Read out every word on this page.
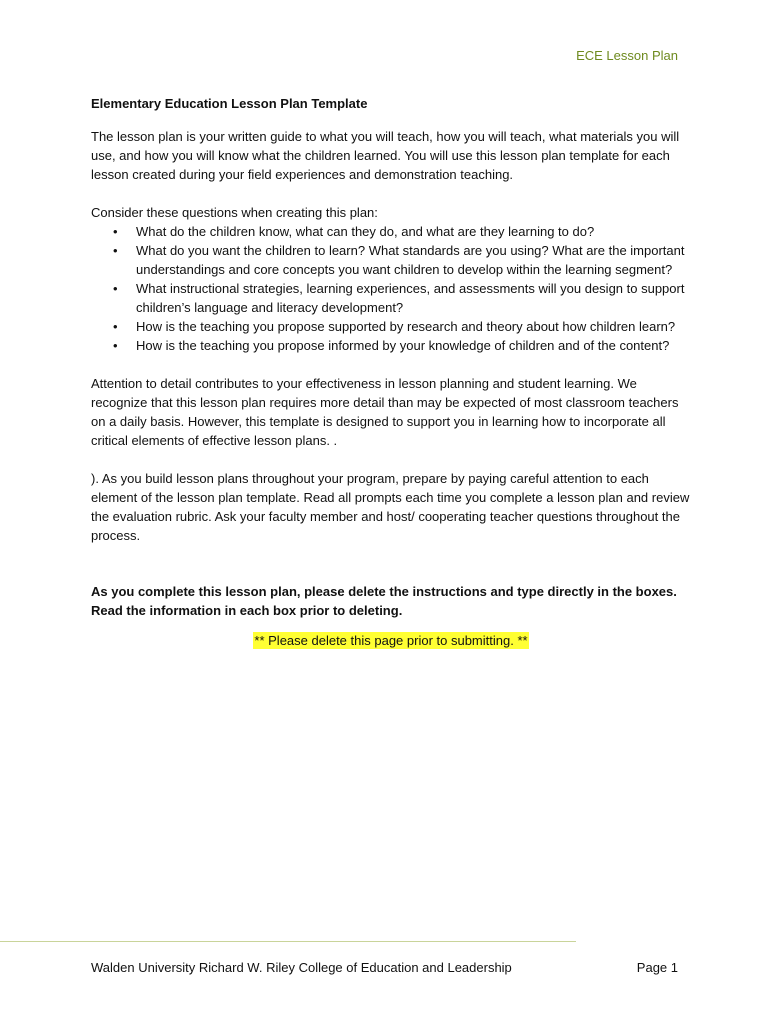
ECE Lesson Plan

Elementary Education Lesson Plan Template

The lesson plan is your written guide to what you will teach, how you will teach, what materials you will use, and how you will know what the children learned. You will use this lesson plan template for each lesson created during your field experiences and demonstration teaching.

Consider these questions when creating this plan:

• What do the children know, what can they do, and what are they learning to do?
• What do you want the children to learn? What standards are you using? What are the important understandings and core concepts you want children to develop within the learning segment?
• What instructional strategies, learning experiences, and assessments will you design to support children’s language and literacy development?
• How is the teaching you propose supported by research and theory about how children learn?
• How is the teaching you propose informed by your knowledge of children and of the content?

Attention to detail contributes to your effectiveness in lesson planning and student learning. We recognize that this lesson plan requires more detail than may be expected of most classroom teachers on a daily basis. However, this template is designed to support you in learning how to incorporate all critical elements of effective lesson plans. .

). As you build lesson plans throughout your program, prepare by paying careful attention to each element of the lesson plan template. Read all prompts each time you complete a lesson plan and review the evaluation rubric. Ask your faculty member and host/ cooperating teacher questions throughout the process.

As you complete this lesson plan, please delete the instructions and type directly in the boxes. Read the information in each box prior to deleting.

** Please delete this page prior to submitting. **
Walden University Richard W. Riley College of Education and Leadership	Page 1
